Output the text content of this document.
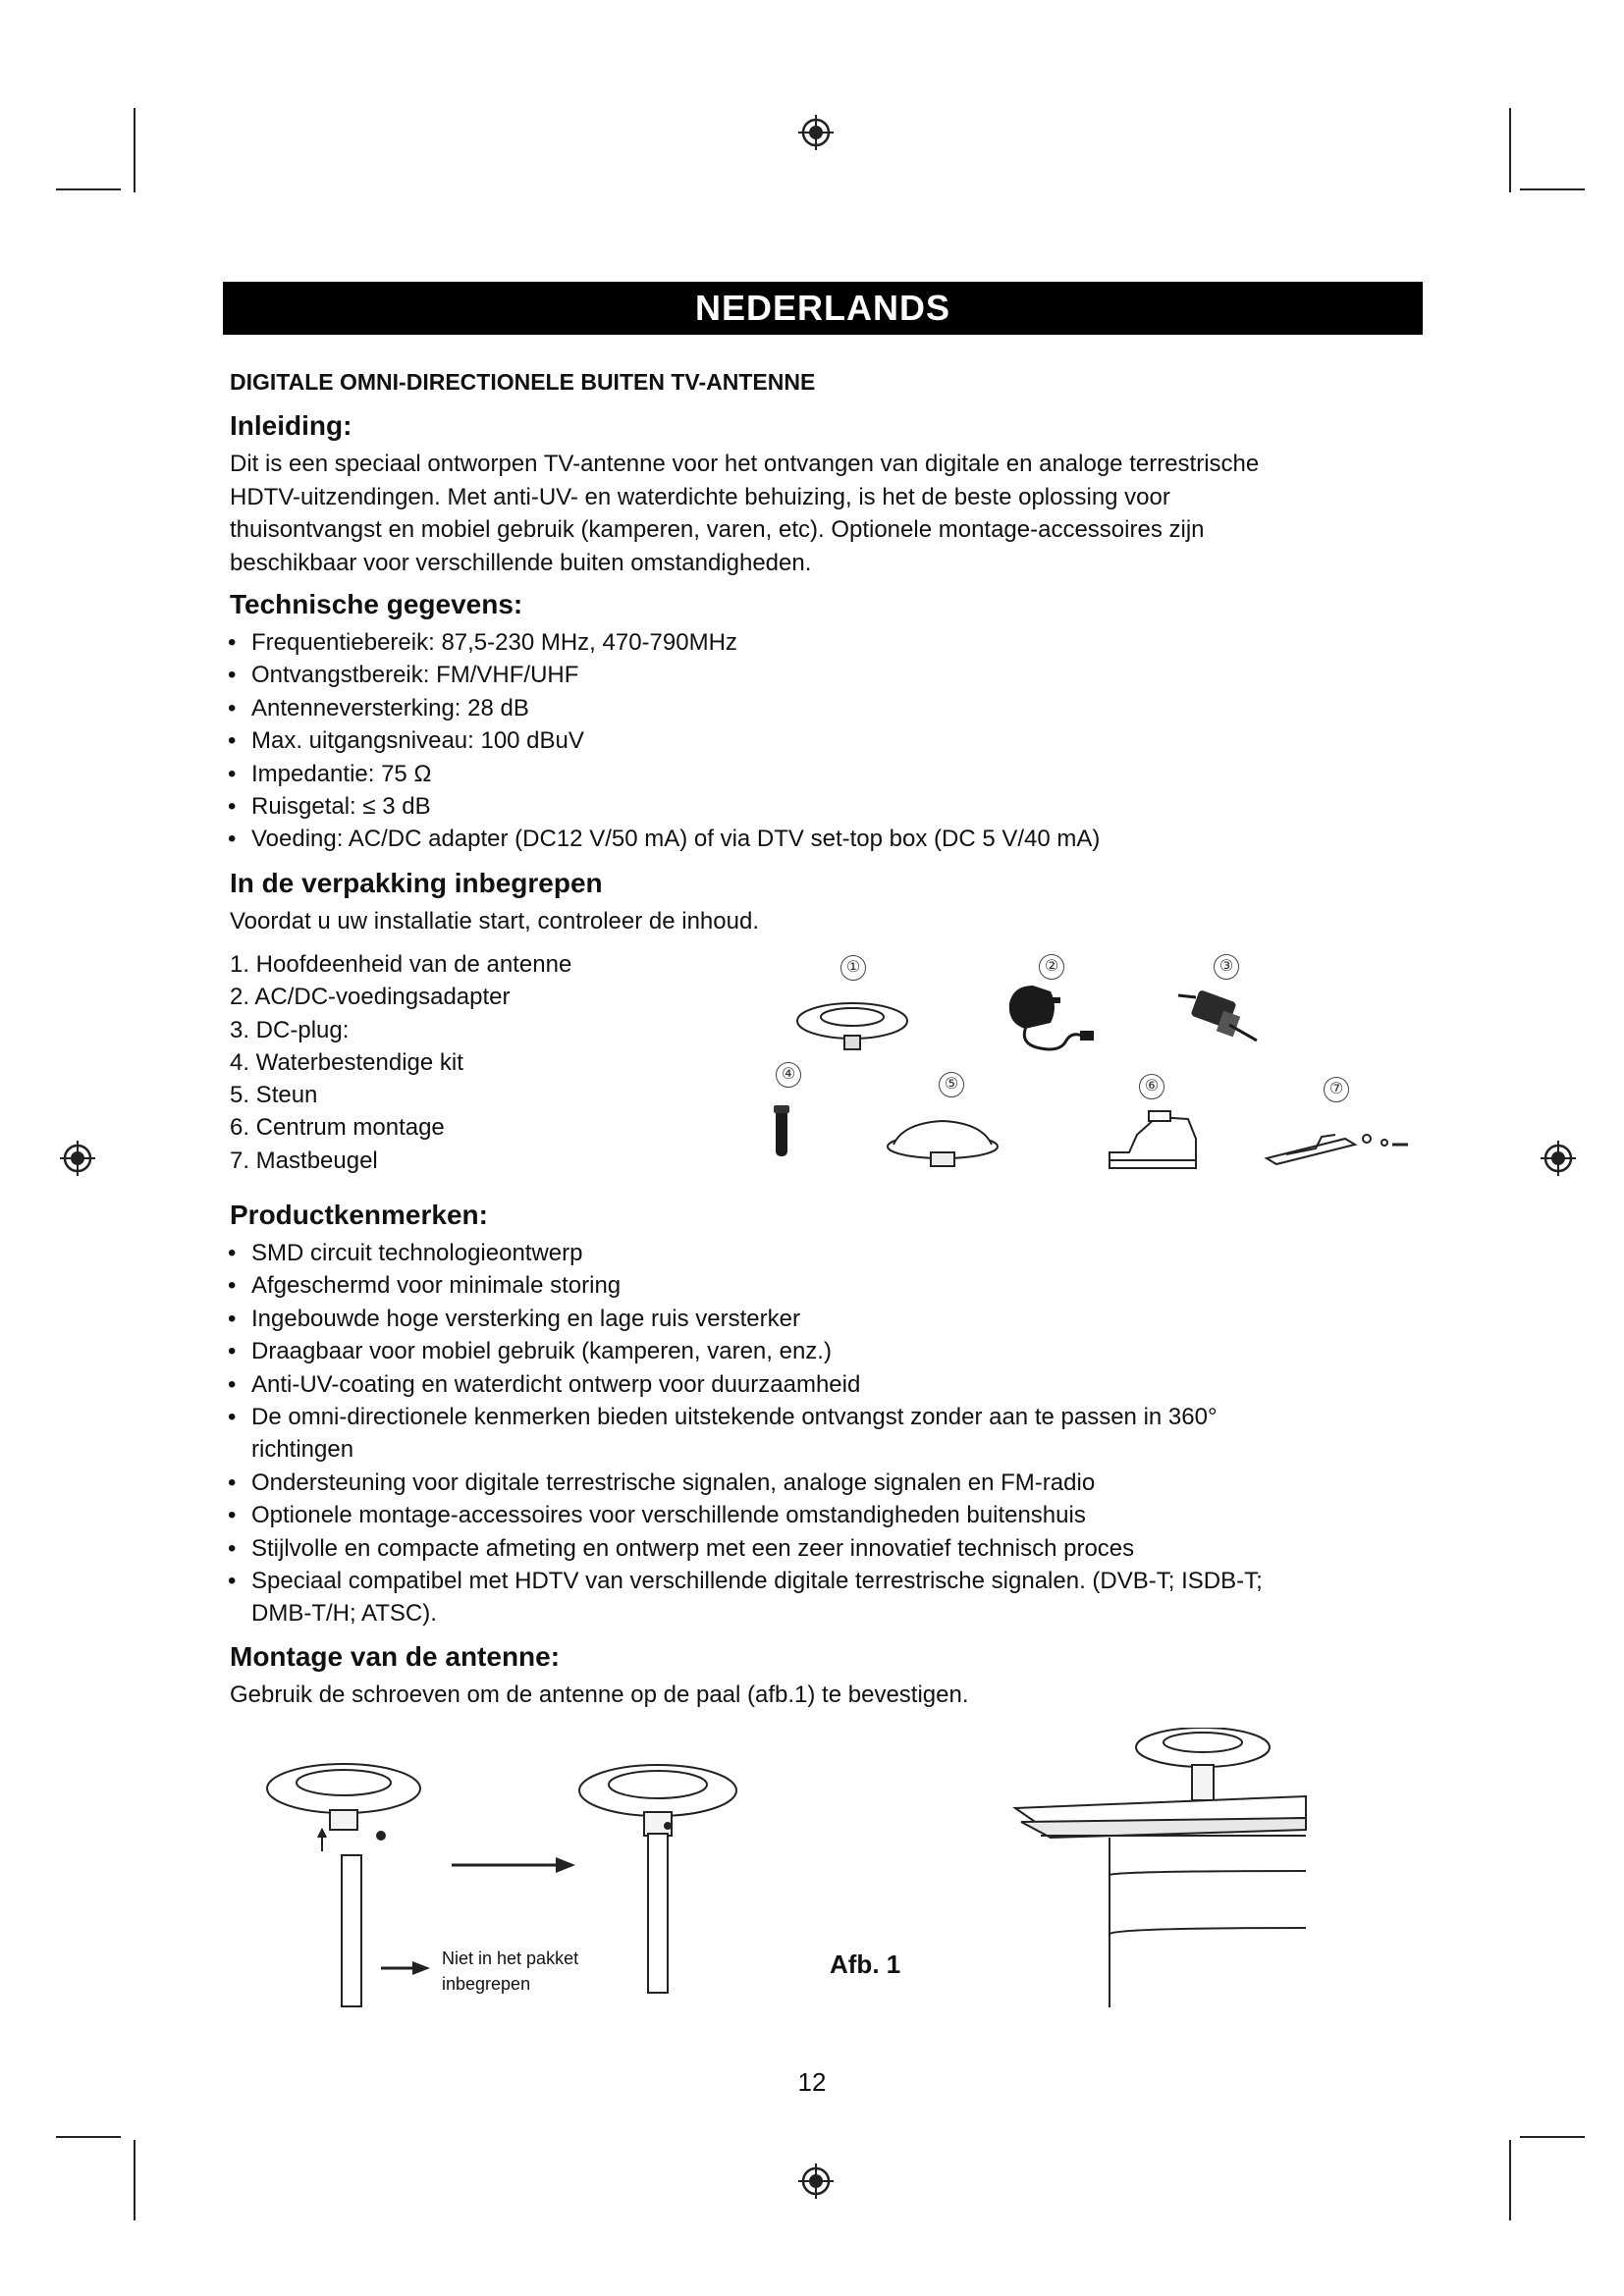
NEDERLANDS
DIGITALE OMNI-DIRECTIONELE BUITEN TV-ANTENNE
Inleiding:
Dit is een speciaal ontworpen TV-antenne voor het ontvangen van digitale en analoge terrestrische
HDTV-uitzendingen. Met anti-UV- en waterdichte behuizing, is het de beste oplossing voor
thuisontvangst en mobiel gebruik (kamperen, varen, etc). Optionele montage-accessoires zijn
beschikbaar voor verschillende buiten omstandigheden.
Technische gegevens:
• Frequentiebereik: 87,5-230 MHz, 470-790MHz
• Ontvangstbereik: FM/VHF/UHF
• Antenneversterking: 28 dB
• Max. uitgangsniveau: 100 dBuV
• Impedantie: 75 Ω
• Ruisgetal: ≤ 3 dB
• Voeding: AC/DC adapter (DC12 V/50 mA) of via DTV set-top box (DC 5 V/40 mA)
In de verpakking inbegrepen
Voordat u uw installatie start, controleer de inhoud.
1. Hoofdeenheid van de antenne
2. AC/DC-voedingsadapter
3. DC-plug:
4. Waterbestendige kit
5. Steun
6. Centrum montage
7. Mastbeugel
①	②	③
④
⑤	⑥	⑦
Productkenmerken:
• SMD circuit technologieontwerp
• Afgeschermd voor minimale storing
• Ingebouwde hoge versterking en lage ruis versterker
• Draagbaar voor mobiel gebruik (kamperen, varen, enz.)
• Anti-UV-coating en waterdicht ontwerp voor duurzaamheid
• De omni-directionele kenmerken bieden uitstekende ontvangst zonder aan te passen in 360°
richtingen
• Ondersteuning voor digitale terrestrische signalen, analoge signalen en FM-radio
• Optionele montage-accessoires voor verschillende omstandigheden buitenshuis
• Stijlvolle en compacte afmeting en ontwerp met een zeer innovatief technisch proces
• Speciaal compatibel met HDTV van verschillende digitale terrestrische signalen. (DVB-T; ISDB-T;
DMB-T/H; ATSC).
Montage van de antenne:
Gebruik de schroeven om de antenne op de paal (afb.1) te bevestigen.
Niet in het pakket
inbegrepen
Afb. 1
12
